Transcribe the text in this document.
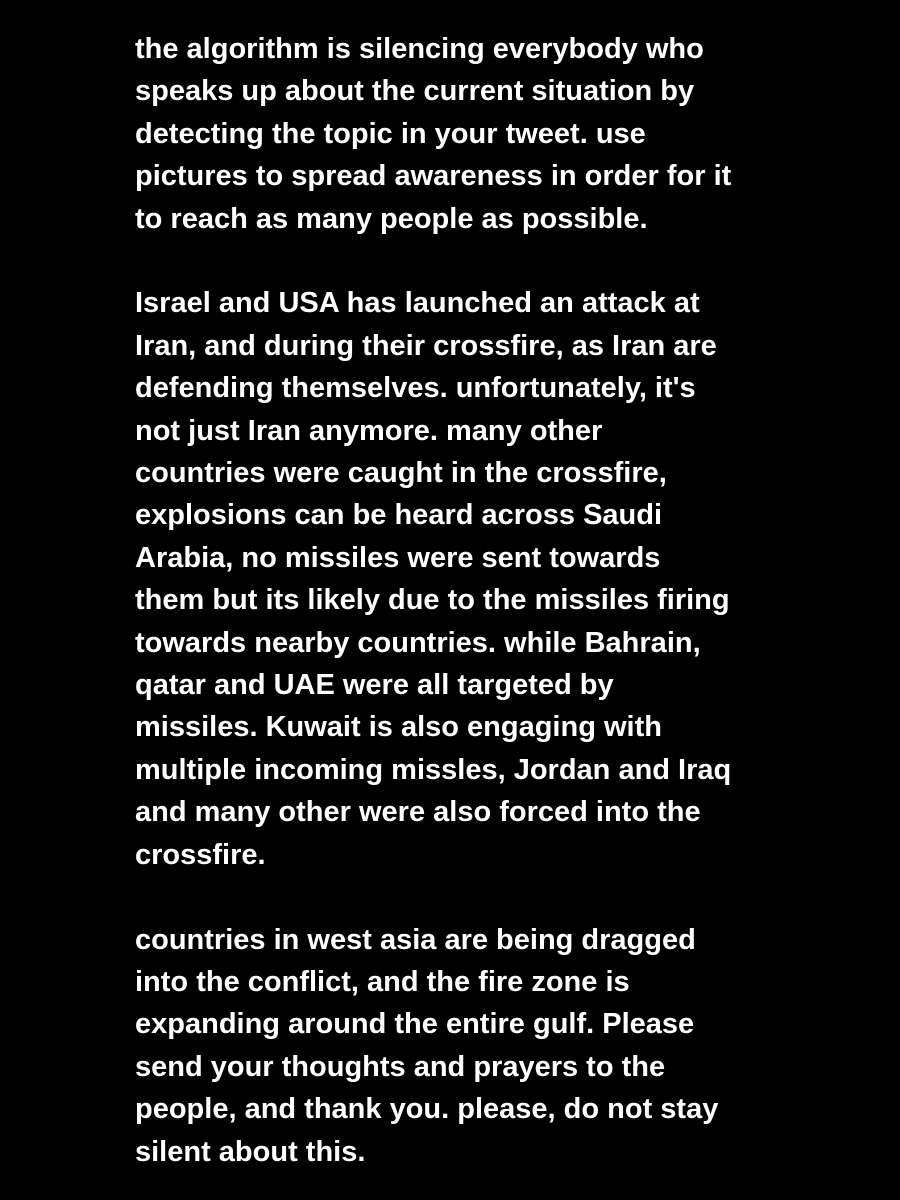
the algorithm is silencing everybody who
speaks up about the current situation by
detecting the topic in your tweet. use
pictures to spread awareness in order for it
to reach as many people as possible.

Israel and USA has launched an attack at
Iran, and during their crossfire, as Iran are
defending themselves. unfortunately, it's
not just Iran anymore. many other
countries were caught in the crossfire,
explosions can be heard across Saudi
Arabia, no missiles were sent towards
them but its likely due to the missiles firing
towards nearby countries. while Bahrain,
qatar and UAE were all targeted by
missiles. Kuwait is also engaging with
multiple incoming missles, Jordan and Iraq
and many other were also forced into the
crossfire.

countries in west asia are being dragged
into the conflict, and the fire zone is
expanding around the entire gulf. Please
send your thoughts and prayers to the
people, and thank you. please, do not stay
silent about this.
